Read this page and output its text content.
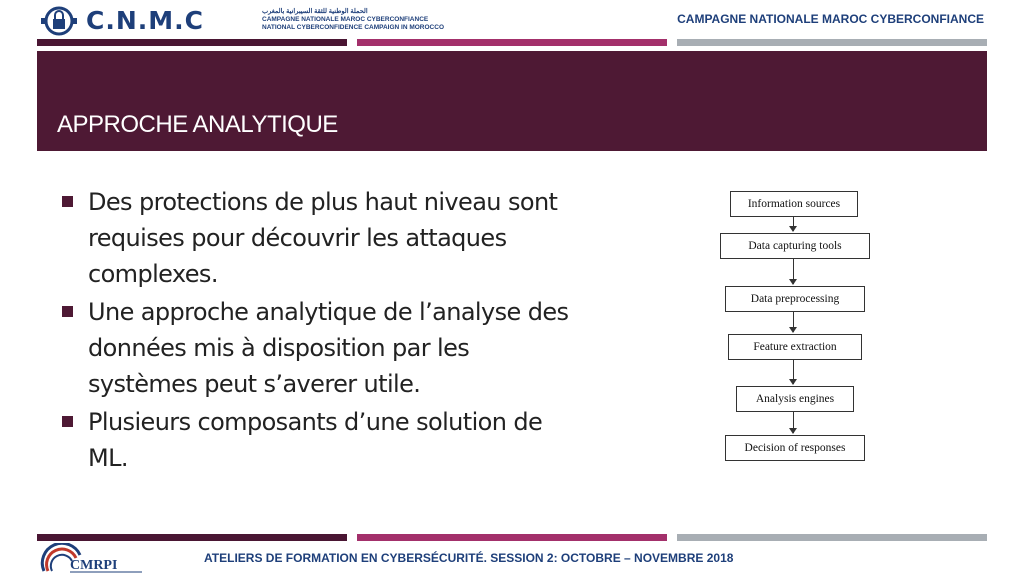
C.N.M.C	الحملة الوطنية للثقة السيبرانية بالمغرب
CAMPAGNE NATIONALE MAROC CYBERCONFIANCE
NATIONAL CYBERCONFIDENCE CAMPAIGN IN MOROCCO
CAMPAGNE NATIONALE MAROC CYBERCONFIANCE
APPROCHE ANALYTIQUE
Des protections de plus haut niveau sont requises pour découvrir les attaques complexes.
Une approche analytique de l’analyse des données mis à disposition par les systèmes peut s’averer utile.
Plusieurs composants d’une solution de ML.
Information sources
Data capturing tools
Data preprocessing
Feature extraction
Analysis engines
Decision of responses
CMRPI	ATELIERS DE FORMATION EN CYBERSÉCURITÉ. SESSION 2: OCTOBRE – NOVEMBRE 2018
